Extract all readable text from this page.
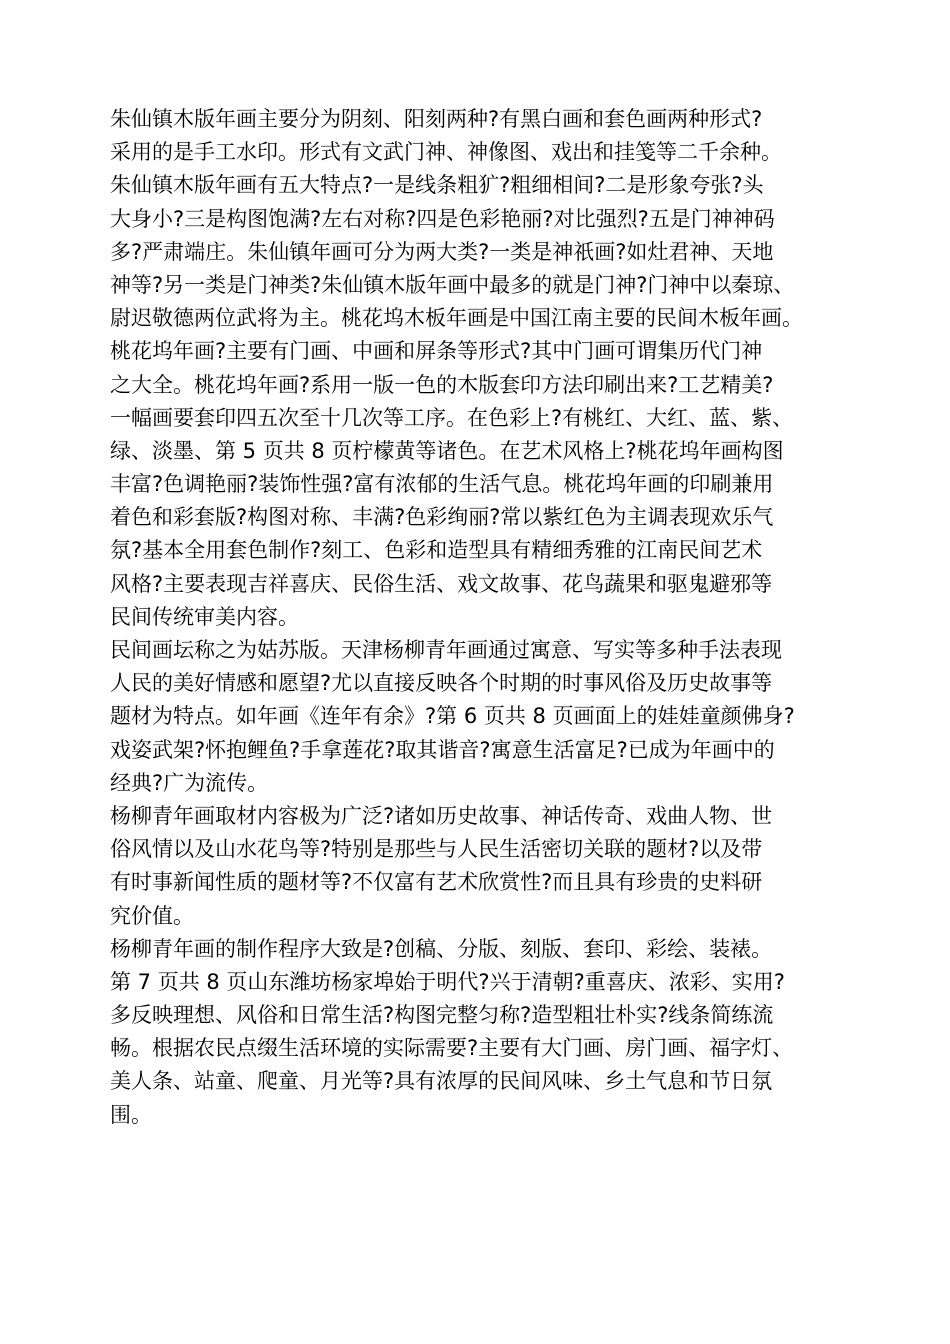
朱仙镇木版年画主要分为阴刻、阳刻两种?有黑白画和套色画两种形式?
采用的是手工水印。形式有文武门神、神像图、戏出和挂笺等二千余种。
朱仙镇木版年画有五大特点?一是线条粗犷?粗细相间?二是形象夸张?头
大身小?三是构图饱满?左右对称?四是色彩艳丽?对比强烈?五是门神神码
多?严肃端庄。朱仙镇年画可分为两大类?一类是神祇画?如灶君神、天地
神等?另一类是门神类?朱仙镇木版年画中最多的就是门神?门神中以秦琼、
尉迟敬德两位武将为主。桃花坞木板年画是中国江南主要的民间木板年画。
桃花坞年画?主要有门画、中画和屏条等形式?其中门画可谓集历代门神
之大全。桃花坞年画?系用一版一色的木版套印方法印刷出来?工艺精美?
一幅画要套印四五次至十几次等工序。在色彩上?有桃红、大红、蓝、紫、
绿、淡墨、第 5 页共 8 页柠檬黄等诸色。在艺术风格上?桃花坞年画构图
丰富?色调艳丽?装饰性强?富有浓郁的生活气息。桃花坞年画的印刷兼用
着色和彩套版?构图对称、丰满?色彩绚丽?常以紫红色为主调表现欢乐气
氛?基本全用套色制作?刻工、色彩和造型具有精细秀雅的江南民间艺术
风格?主要表现吉祥喜庆、民俗生活、戏文故事、花鸟蔬果和驱鬼避邪等
民间传统审美内容。
民间画坛称之为姑苏版。天津杨柳青年画通过寓意、写实等多种手法表现
人民的美好情感和愿望?尤以直接反映各个时期的时事风俗及历史故事等
题材为特点。如年画《连年有余》?第 6 页共 8 页画面上的娃娃童颜佛身?
戏姿武架?怀抱鲤鱼?手拿莲花?取其谐音?寓意生活富足?已成为年画中的
经典?广为流传。
杨柳青年画取材内容极为广泛?诸如历史故事、神话传奇、戏曲人物、世
俗风情以及山水花鸟等?特别是那些与人民生活密切关联的题材?以及带
有时事新闻性质的题材等?不仅富有艺术欣赏性?而且具有珍贵的史料研
究价值。
杨柳青年画的制作程序大致是?创稿、分版、刻版、套印、彩绘、装裱。
第 7 页共 8 页山东潍坊杨家埠始于明代?兴于清朝?重喜庆、浓彩、实用?
多反映理想、风俗和日常生活?构图完整匀称?造型粗壮朴实?线条简练流
畅。根据农民点缀生活环境的实际需要?主要有大门画、房门画、福字灯、
美人条、站童、爬童、月光等?具有浓厚的民间风味、乡土气息和节日氛
围。
